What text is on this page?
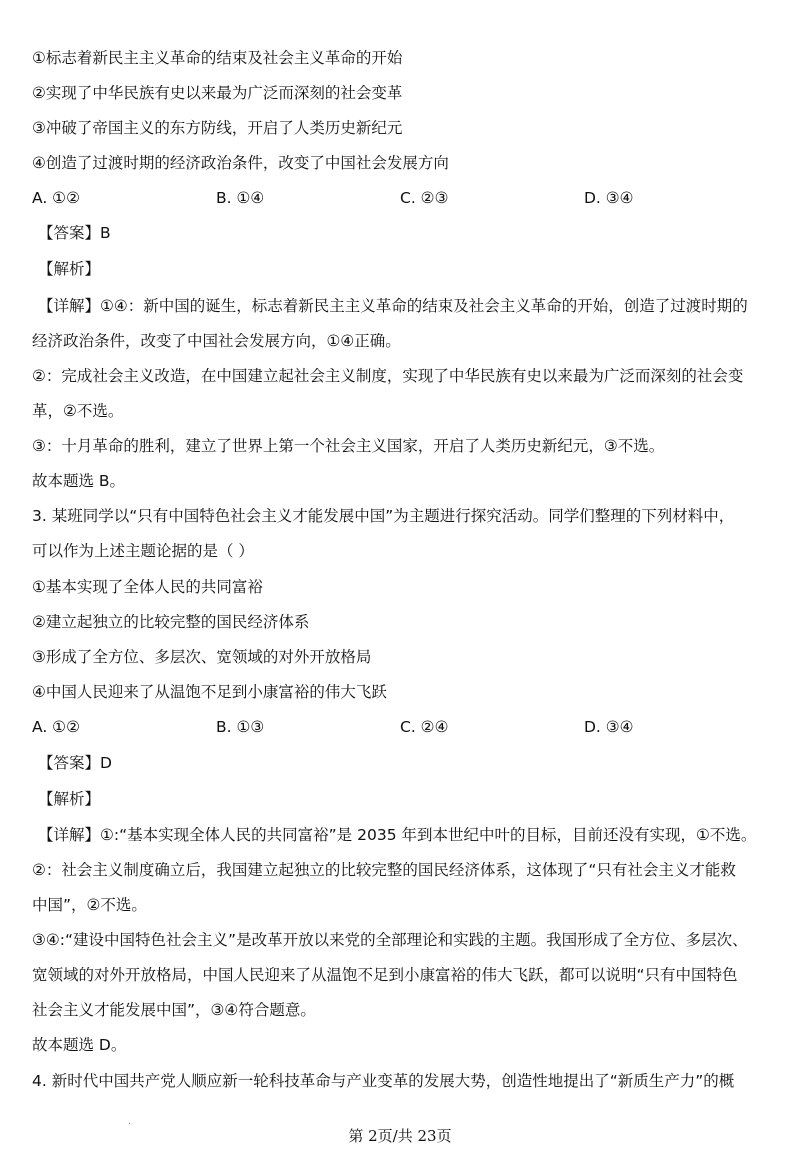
①标志着新民主主义革命的结束及社会主义革命的开始
②实现了中华民族有史以来最为广泛而深刻的社会变革
③冲破了帝国主义的东方防线，开启了人类历史新纪元
④创造了过渡时期的经济政治条件，改变了中国社会发展方向
A. ①②	B. ①④	C. ②③	D. ③④
【答案】B
【解析】
【详解】①④：新中国的诞生，标志着新民主主义革命的结束及社会主义革命的开始，创造了过渡时期的
经济政治条件，改变了中国社会发展方向，①④正确。
②：完成社会主义改造，在中国建立起社会主义制度，实现了中华民族有史以来最为广泛而深刻的社会变
革，②不选。
③：十月革命的胜利，建立了世界上第一个社会主义国家，开启了人类历史新纪元，③不选。
故本题选 B。
3. 某班同学以“只有中国特色社会主义才能发展中国”为主题进行探究活动。同学们整理的下列材料中，
可以作为上述主题论据的是（ ）
①基本实现了全体人民的共同富裕
②建立起独立的比较完整的国民经济体系
③形成了全方位、多层次、宽领域的对外开放格局
④中国人民迎来了从温饱不足到小康富裕的伟大飞跃
A. ①②	B. ①③	C. ②④	D. ③④
【答案】D
【解析】
【详解】①:“基本实现全体人民的共同富裕”是 2035 年到本世纪中叶的目标，目前还没有实现，①不选。
②：社会主义制度确立后，我国建立起独立的比较完整的国民经济体系，这体现了“只有社会主义才能救
中国”，②不选。
③④:“建设中国特色社会主义”是改革开放以来党的全部理论和实践的主题。我国形成了全方位、多层次、
宽领域的对外开放格局，中国人民迎来了从温饱不足到小康富裕的伟大飞跃，都可以说明“只有中国特色
社会主义才能发展中国”，③④符合题意。
故本题选 D。
4. 新时代中国共产党人顺应新一轮科技革命与产业变革的发展大势，创造性地提出了“新质生产力”的概
·
第 2页/共 23页
